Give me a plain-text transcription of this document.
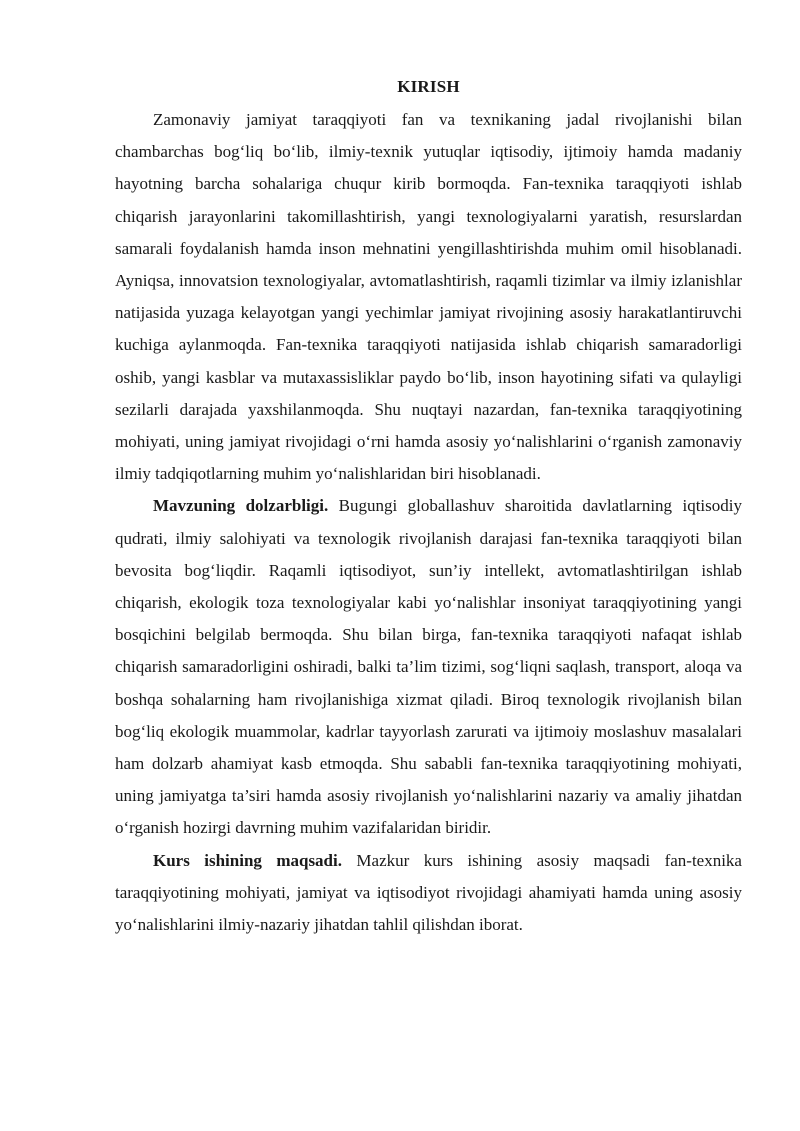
KIRISH

Zamonaviy jamiyat taraqqiyoti fan va texnikaning jadal rivojlanishi bilan chambarchas bog‘liq bo‘lib, ilmiy-texnik yutuqlar iqtisodiy, ijtimoiy hamda madaniy hayotning barcha sohalariga chuqur kirib bormoqda. Fan-texnika taraqqiyoti ishlab chiqarish jarayonlarini takomillashtirish, yangi texnologiyalarni yaratish, resurslardan samarali foydalanish hamda inson mehnatini yengillashtirishda muhim omil hisoblanadi. Ayniqsa, innovatsion texnologiyalar, avtomatlashtirish, raqamli tizimlar va ilmiy izlanishlar natijasida yuzaga kelayotgan yangi yechimlar jamiyat rivojining asosiy harakatlantiruvchi kuchiga aylanmoqda. Fan-texnika taraqqiyoti natijasida ishlab chiqarish samaradorligi oshib, yangi kasblar va mutaxassisliklar paydo bo‘lib, inson hayotining sifati va qulayligi sezilarli darajada yaxshilanmoqda. Shu nuqtayi nazardan, fan-texnika taraqqiyotining mohiyati, uning jamiyat rivojidagi o‘rni hamda asosiy yo‘nalishlarini o‘rganish zamonaviy ilmiy tadqiqotlarning muhim yo‘nalishlaridan biri hisoblanadi.

Mavzuning dolzarbligi. Bugungi globallashuv sharoitida davlatlarning iqtisodiy qudrati, ilmiy salohiyati va texnologik rivojlanish darajasi fan-texnika taraqqiyoti bilan bevosita bog‘liqdir. Raqamli iqtisodiyot, sun’iy intellekt, avtomatlashtirilgan ishlab chiqarish, ekologik toza texnologiyalar kabi yo‘nalishlar insoniyat taraqqiyotining yangi bosqichini belgilab bermoqda. Shu bilan birga, fan-texnika taraqqiyoti nafaqat ishlab chiqarish samaradorligini oshiradi, balki ta’lim tizimi, sog‘liqni saqlash, transport, aloqa va boshqa sohalarning ham rivojlanishiga xizmat qiladi. Biroq texnologik rivojlanish bilan bog‘liq ekologik muammolar, kadrlar tayyorlash zarurati va ijtimoiy moslashuv masalalari ham dolzarb ahamiyat kasb etmoqda. Shu sababli fan-texnika taraqqiyotining mohiyati, uning jamiyatga ta’siri hamda asosiy rivojlanish yo‘nalishlarini nazariy va amaliy jihatdan o‘rganish hozirgi davrning muhim vazifalaridan biridir.

Kurs ishining maqsadi. Mazkur kurs ishining asosiy maqsadi fan-texnika taraqqiyotining mohiyati, jamiyat va iqtisodiyot rivojidagi ahamiyati hamda uning asosiy yo‘nalishlarini ilmiy-nazariy jihatdan tahlil qilishdan iborat.
